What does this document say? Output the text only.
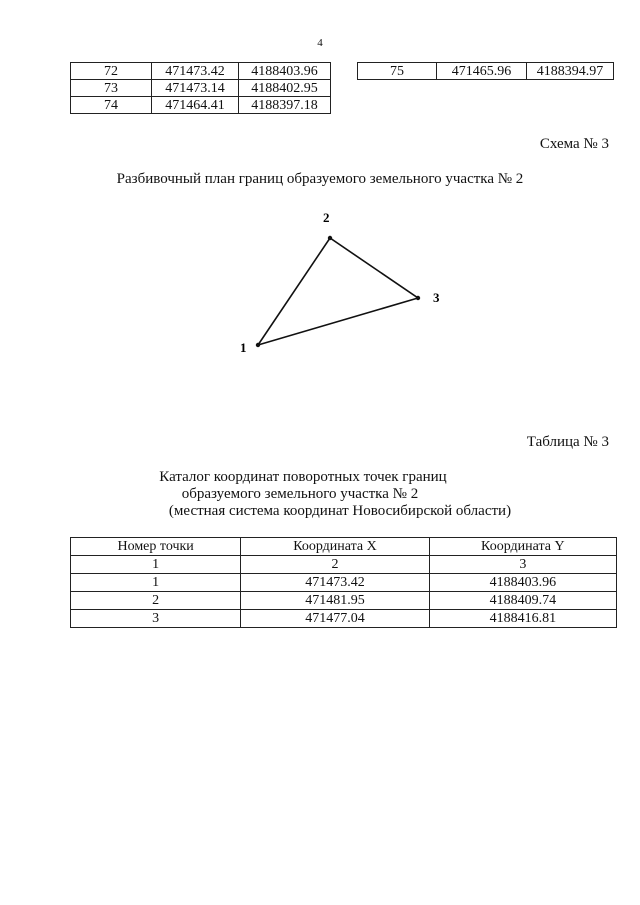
4
72	471473.42	4188403.96
73	471473.14	4188402.95
74	471464.41	4188397.18
75	471465.96	4188394.97
Схема № 3
Разбивочный план границ образуемого земельного участка № 2
1
2
3
Таблица № 3
Каталог координат поворотных точек границ
образуемого земельного участка № 2
(местная система координат Новосибирской области)
Номер точки	Координата X	Координата Y
1	2	3
1	471473.42	4188403.96
2	471481.95	4188409.74
3	471477.04	4188416.81
